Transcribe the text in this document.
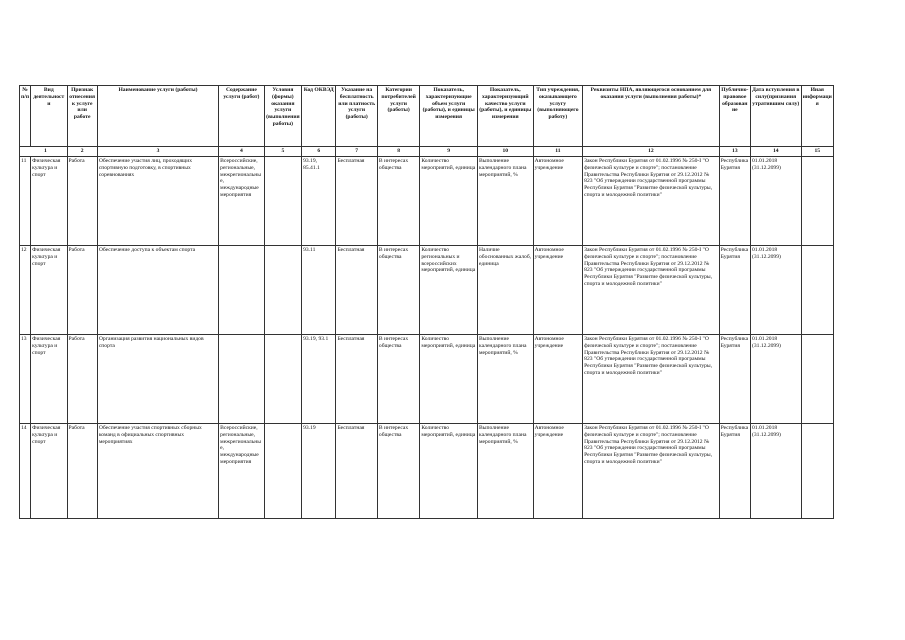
№ п/п	Вид деятельности	Признак отнесения к услуге или работе	Наименование услуги (работы)	Содержание услуги (работ)	Условия (формы) оказания услуги (выполнения работы)	Код ОКВЭД	Указание на бесплатность или платность услуги (работы)	Категории потребителей услуги (работы)	Показатель, характеризующие объем услуги (работы), и единицы измерения	Показатель, характеризующий качество услуги (работы), и единицы измерения	Тип учреждения, оказывающего услугу (выполняющего работу)	Реквизиты НПА, являющегося основанием для оказания услуги (выполнения работы)*	Публично-правовое образование	Дата вступления в силу(признания утратившим силу)	Иная информация
1		2	3	4	5	6	7	8	9	10	11	12	13	14	15
11	Физическая культура и спорт	Работа	Обеспечение участия лиц, проходящих спортивную подготовку, в спортивных соревнованиях	Всероссийские, региональные, межрегиональные, международные мероприятия		93.19, 85.41.1	Бесплатная	В интересах общества	Количество мероприятий, единица	Выполнение календарного плана мероприятий, %	Автономное учреждение	Закон Республики Бурятия от 01.02.1996 № 250-I "О физической культуре и спорте"; постановление Правительства Республики Бурятия от 29.12.2012 № 823 "Об утверждении государственной программы Республики Бурятия "Развитие физической культуры, спорта и молодежной политики"	Республика Бурятия	01.01.2018 (31.12.2099)	
12	Физическая культура и спорт	Работа	Обеспечение доступа к объектам спорта			93.11	Бесплатная	В интересах общества	Количество региональных и всероссийских мероприятий, единица	Наличие обоснованных жалоб, единица	Автономное учреждение	Закон Республики Бурятия от 01.02.1996 № 250-I "О физической культуре и спорте"; постановление Правительства Республики Бурятия от 29.12.2012 № 823 "Об утверждении государственной программы Республики Бурятия "Развитие физической культуры, спорта и молодежной политики"	Республика Бурятия	01.01.2018 (31.12.2099)	
13	Физическая культура и спорт	Работа	Организация развития национальных видов спорта			93.19, 93.1	Бесплатная	В интересах общества	Количество мероприятий, единица	Выполнение календарного плана мероприятий, %	Автономное учреждение	Закон Республики Бурятия от 01.02.1996 № 250-I "О физической культуре и спорте"; постановление Правительства Республики Бурятия от 29.12.2012 № 823 "Об утверждении государственной программы Республики Бурятия "Развитие физической культуры, спорта и молодежной политики"	Республика Бурятия	01.01.2018 (31.12.2099)	
14	Физическая культура и спорт	Работа	Обеспечение участия спортивных сборных команд в официальных спортивных мероприятиях	Всероссийские, региональные, межрегиональные, международные мероприятия		93.19	Бесплатная	В интересах общества	Количество мероприятий, единица	Выполнение календарного плана мероприятий, %	Автономное учреждение	Закон Республики Бурятия от 01.02.1996 № 250-I "О физической культуре и спорте"; постановление Правительства Республики Бурятия от 29.12.2012 № 823 "Об утверждении государственной программы Республики Бурятия "Развитие физической культуры, спорта и молодежной политики"	Республика Бурятия	01.01.2018 (31.12.2099)	
